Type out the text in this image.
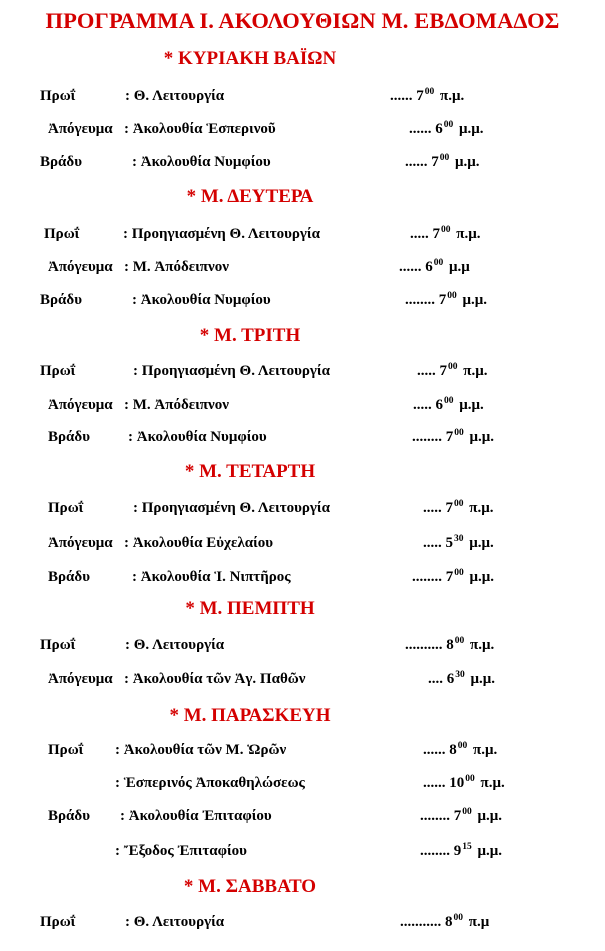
ΠΡΟΓΡΑΜΜΑ Ι. ΑΚΟΛΟΥΘΙΩΝ Μ. ΕΒΔΟΜΑΔΟΣ
* ΚΥΡΙΑΚΗ ΒΑΪΩΝ
Πρωΐ	: Θ. Λειτουργία	...... $7^{00}$ π.μ.
Ἀπόγευμα : Ἀκολουθία Ἑσπερινοῦ	...... $6^{00}$ μ.μ.
Βράδυ	: Ἀκολουθία Νυμφίου	...... $7^{00}$ μ.μ.
* Μ. ΔΕΥΤΕΡΑ
Πρωΐ	: Προηγιασμένη Θ. Λειτουργία	..... $7^{00}$ π.μ.
Ἀπόγευμα : Μ. Ἀπόδειπνον	...... $6^{00}$ μ.μ
Βράδυ	: Ἀκολουθία Νυμφίου	........ $7^{00}$ μ.μ.
* Μ. ΤΡΙΤΗ
Πρωΐ	: Προηγιασμένη Θ. Λειτουργία	..... $7^{00}$ π.μ.
Ἀπόγευμα : Μ. Ἀπόδειπνον	..... $6^{00}$ μ.μ.
Βράδυ	: Ἀκολουθία Νυμφίου	........ $7^{00}$ μ.μ.
* Μ. ΤΕΤΑΡΤΗ
Πρωΐ	: Προηγιασμένη Θ. Λειτουργία	..... $7^{00}$ π.μ.
Ἀπόγευμα : Ἀκολουθία Εὐχελαίου	..... $5^{30}$ μ.μ.
Βράδυ	: Ἀκολουθία Ἱ. Νιπτῆρος	........ $7^{00}$ μ.μ.
* Μ. ΠΕΜΠΤΗ
Πρωΐ	: Θ. Λειτουργία	.......... $8^{00}$ π.μ.
Ἀπόγευμα : Ἀκολουθία τῶν Ἁγ. Παθῶν	.... $6^{30}$ μ.μ.
* Μ. ΠΑΡΑΣΚΕΥΗ
Πρωΐ : Ἀκολουθία τῶν Μ. Ὡρῶν	...... $8^{00}$ π.μ.
: Ἑσπερινός Ἀποκαθηλώσεως	...... $10^{00}$ π.μ.
Βράδυ : Ἀκολουθία Ἐπιταφίου	........ $7^{00}$ μ.μ.
: Ἔξοδος Ἐπιταφίου	........ $9^{15}$ μ.μ.
* Μ. ΣΑΒΒΑΤΟ
Πρωΐ	: Θ. Λειτουργία	........... $8^{00}$ π.μ
